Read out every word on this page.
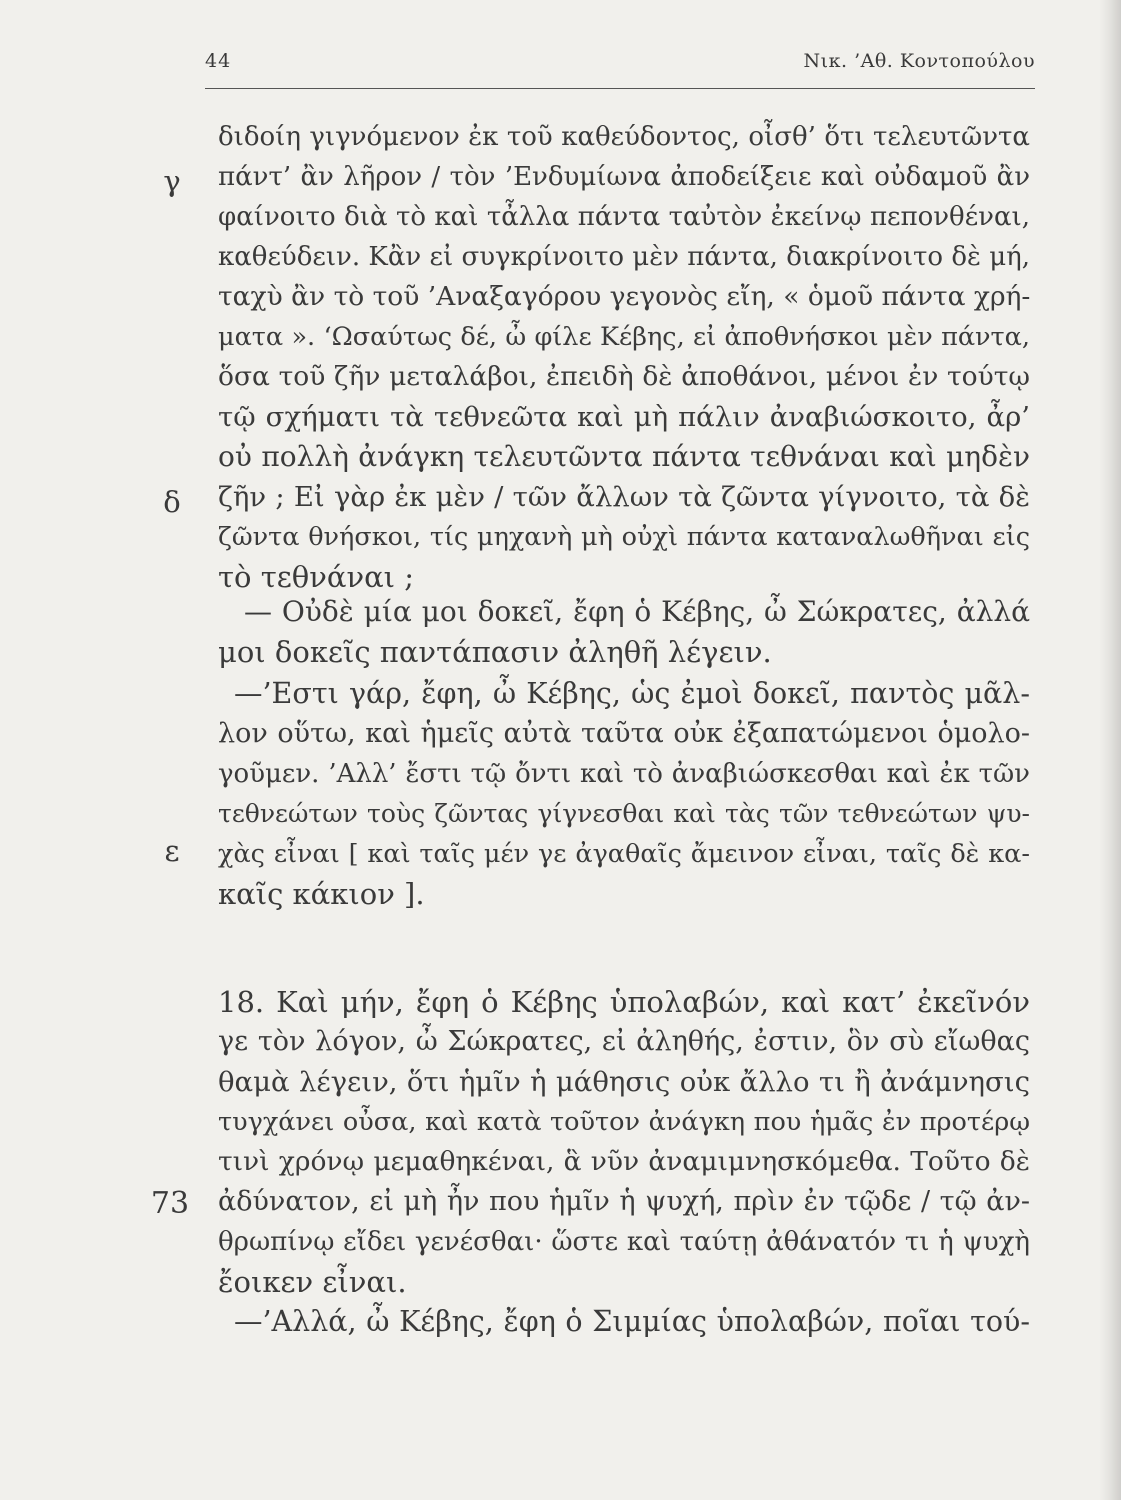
44	Νικ. ’Αθ. Κοντοπούλου
γ
δ
ε
73
διδοίη γιγνόμενον ἐκ τοῦ καθεύδοντος, οἶσθ’ ὅτι τελευτῶντα
πάντ’ ἂν λῆρον / τὸν ’Ενδυμίωνα ἀποδείξειε καὶ οὐδαμοῦ ἂν
φαίνοιτο διὰ τὸ καὶ τἆλλα πάντα ταὐτὸν ἐκείνῳ πεπονθέναι,
καθεύδειν. Κἂν εἰ συγκρίνοιτο μὲν πάντα, διακρίνοιτο δὲ μή,
ταχὺ ἂν τὸ τοῦ ’Αναξαγόρου γεγονὸς εἴη, « ὁμοῦ πάντα χρή-
ματα ». ‘Ωσαύτως δέ, ὦ φίλε Κέβης, εἰ ἀποθνήσκοι μὲν πάντα,
ὅσα τοῦ ζῆν μεταλάβοι, ἐπειδὴ δὲ ἀποθάνοι, μένοι ἐν τούτῳ
τῷ σχήματι τὰ τεθνεῶτα καὶ μὴ πάλιν ἀναβιώσκοιτο, ἆρ’
οὐ πολλὴ ἀνάγκη τελευτῶντα πάντα τεθνάναι καὶ μηδὲν
ζῆν ; Εἰ γὰρ ἐκ μὲν / τῶν ἄλλων τὰ ζῶντα γίγνοιτο, τὰ δὲ
ζῶντα θνήσκοι, τίς μηχανὴ μὴ οὐχὶ πάντα καταναλωθῆναι εἰς
τὸ τεθνάναι ;
— Οὐδὲ μία μοι δοκεῖ, ἔφη ὁ Κέβης, ὦ Σώκρατες, ἀλλά
μοι δοκεῖς παντάπασιν ἀληθῆ λέγειν.
—’Εστι γάρ, ἔφη, ὦ Κέβης, ὡς ἐμοὶ δοκεῖ, παντὸς μᾶλ-
λον οὕτω, καὶ ἡμεῖς αὐτὰ ταῦτα οὐκ ἐξαπατώμενοι ὁμολο-
γοῦμεν. ’Αλλ’ ἔστι τῷ ὄντι καὶ τὸ ἀναβιώσκεσθαι καὶ ἐκ τῶν
τεθνεώτων τοὺς ζῶντας γίγνεσθαι καὶ τὰς τῶν τεθνεώτων ψυ-
χὰς εἶναι [ καὶ ταῖς μέν γε ἀγαθαῖς ἄμεινον εἶναι, ταῖς δὲ κα-
καῖς κάκιον ].
18. Καὶ μήν, ἔφη ὁ Κέβης ὑπολαβών, καὶ κατ’ ἐκεῖνόν
γε τὸν λόγον, ὦ Σώκρατες, εἰ ἀληθής, ἐστιν, ὃν σὺ εἴωθας
θαμὰ λέγειν, ὅτι ἡμῖν ἡ μάθησις οὐκ ἄλλο τι ἢ ἀνάμνησις
τυγχάνει οὖσα, καὶ κατὰ τοῦτον ἀνάγκη που ἡμᾶς ἐν προτέρῳ
τινὶ χρόνῳ μεμαθηκέναι, ἃ νῦν ἀναμιμνησκόμεθα. Τοῦτο δὲ
ἀδύνατον, εἰ μὴ ἦν που ἡμῖν ἡ ψυχή, πρὶν ἐν τῷδε / τῷ ἀν-
θρωπίνῳ εἴδει γενέσθαι· ὥστε καὶ ταύτῃ ἀθάνατόν τι ἡ ψυχὴ
ἔοικεν εἶναι.
—’Αλλά, ὦ Κέβης, ἔφη ὁ Σιμμίας ὑπολαβών, ποῖαι τού-
